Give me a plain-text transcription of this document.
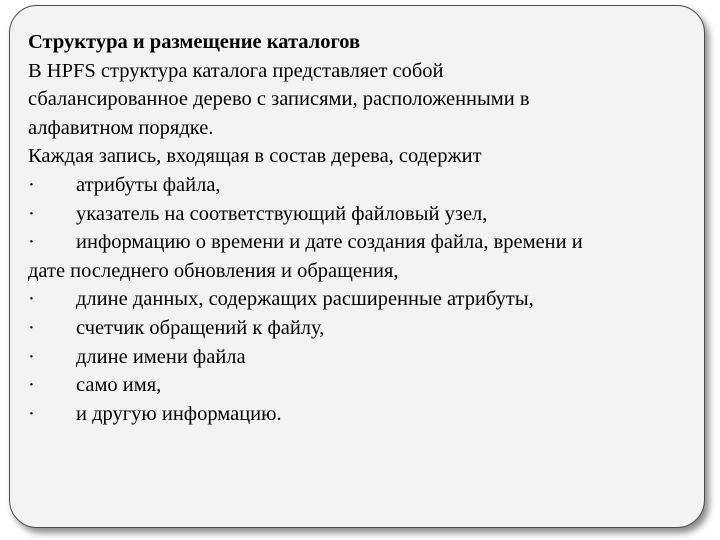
Структура и размещение каталогов
В HPFS структура каталога представляет собой
сбалансированное дерево с записями, расположенными в
алфавитном порядке.
Каждая запись, входящая в состав дерева, содержит
· атрибуты файла,
· указатель на соответствующий файловый узел,
· информацию о времени и дате создания файла, времени и
дате последнего обновления и обращения,
· длине данных, содержащих расширенные атрибуты,
· счетчик обращений к файлу,
· длине имени файла
· само имя,
· и другую информацию.
